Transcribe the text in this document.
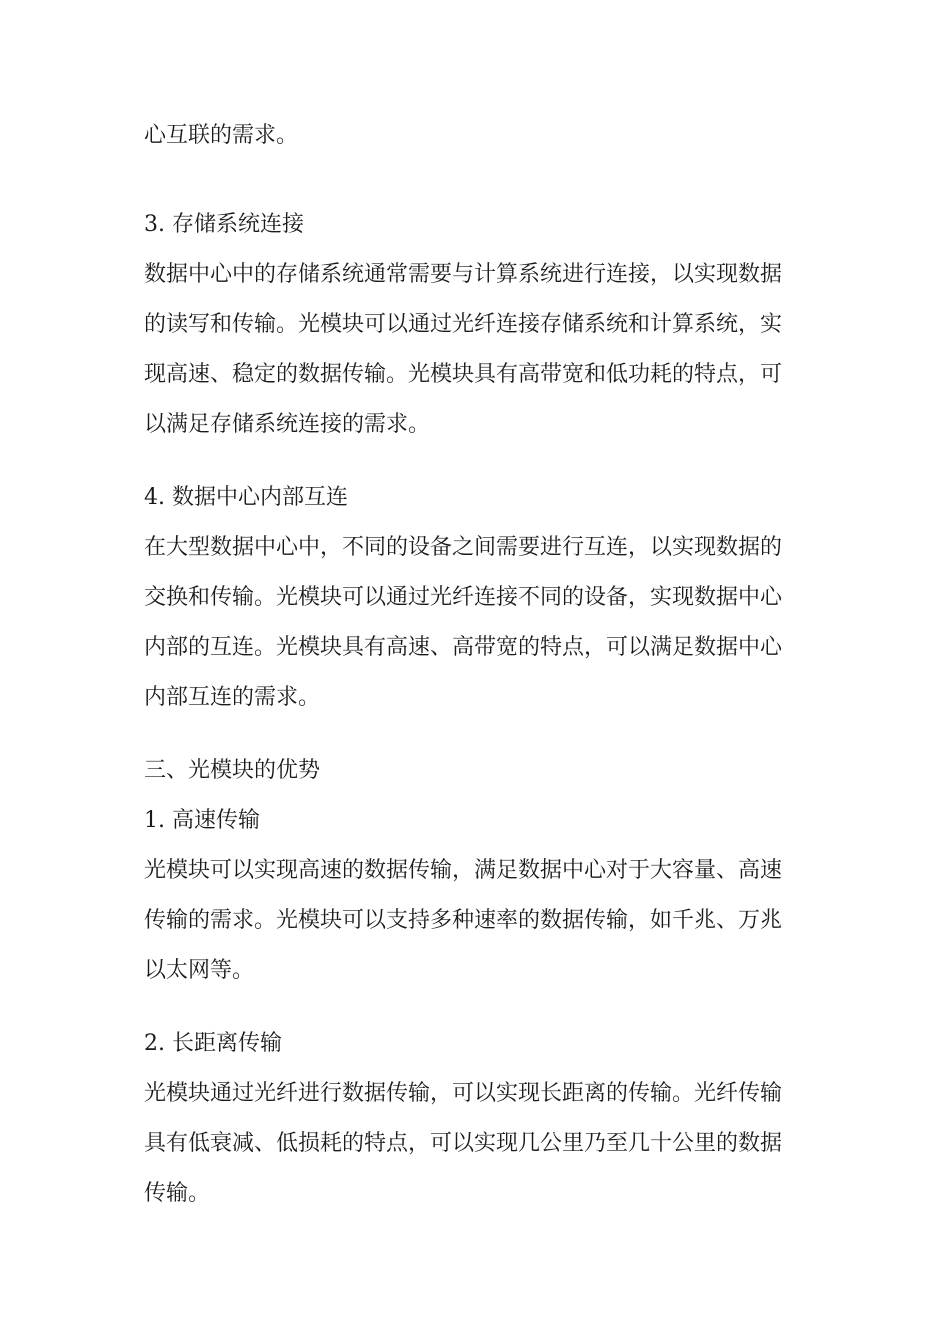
心互联的需求。

3. 存储系统连接
数据中心中的存储系统通常需要与计算系统进行连接，以实现数据
的读写和传输。光模块可以通过光纤连接存储系统和计算系统，实
现高速、稳定的数据传输。光模块具有高带宽和低功耗的特点，可
以满足存储系统连接的需求。
4. 数据中心内部互连
在大型数据中心中，不同的设备之间需要进行互连，以实现数据的
交换和传输。光模块可以通过光纤连接不同的设备，实现数据中心
内部的互连。光模块具有高速、高带宽的特点，可以满足数据中心
内部互连的需求。
三、光模块的优势
1. 高速传输
光模块可以实现高速的数据传输，满足数据中心对于大容量、高速
传输的需求。光模块可以支持多种速率的数据传输，如千兆、万兆
以太网等。
2. 长距离传输
光模块通过光纤进行数据传输，可以实现长距离的传输。光纤传输
具有低衰减、低损耗的特点，可以实现几公里乃至几十公里的数据
传输。
